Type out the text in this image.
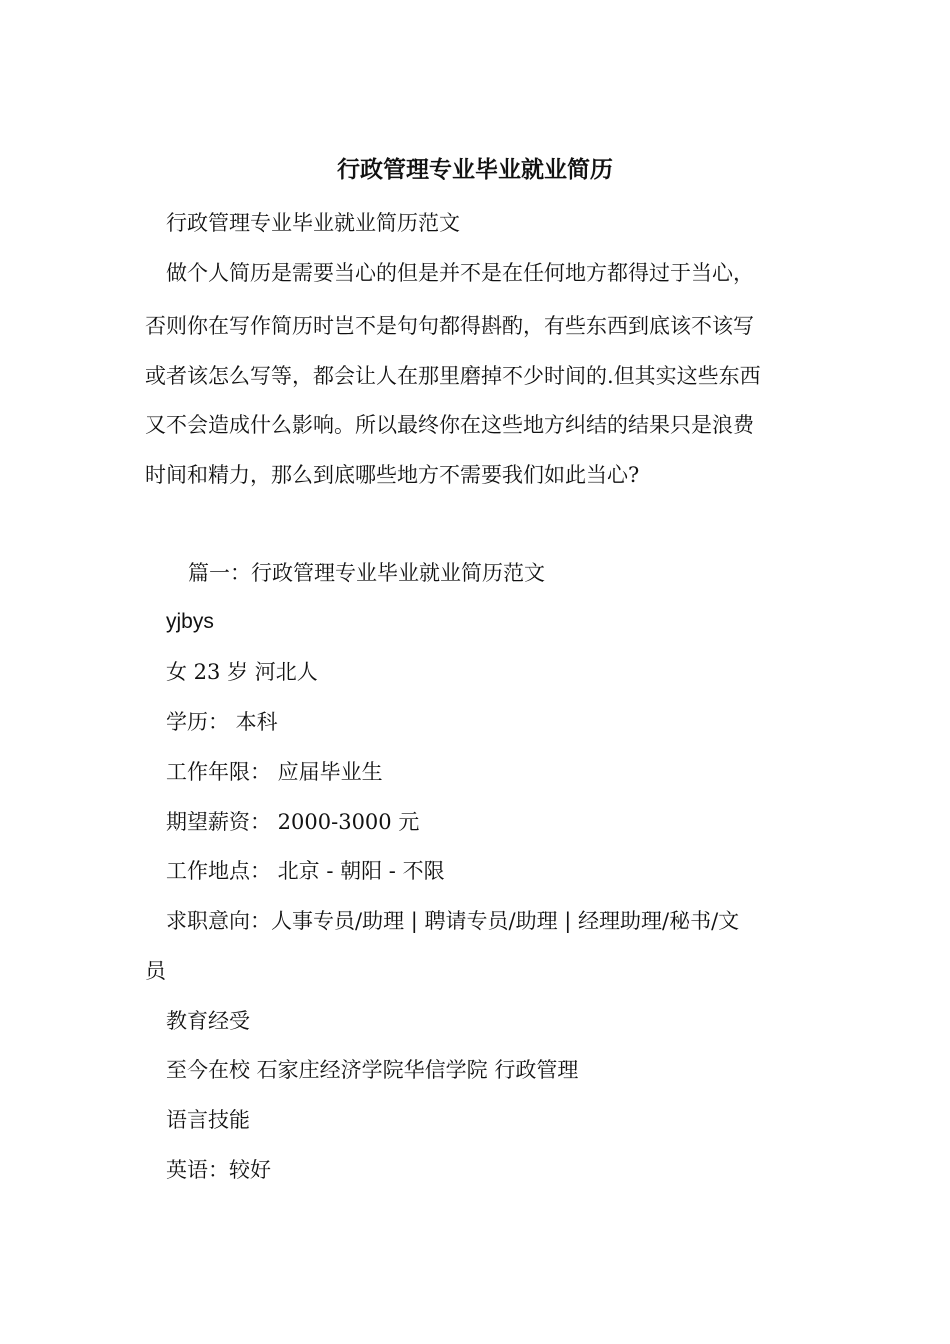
行政管理专业毕业就业简历
行政管理专业毕业就业简历范文
做个人简历是需要当心的但是并不是在任何地方都得过于当心，
否则你在写作简历时岂不是句句都得斟酌，有些东西到底该不该写
或者该怎么写等，都会让人在那里磨掉不少时间的.但其实这些东西
又不会造成什么影响。所以最终你在这些地方纠结的结果只是浪费
时间和精力，那么到底哪些地方不需要我们如此当心?
篇一：行政管理专业毕业就业简历范文
yjbys
女 23 岁 河北人
学历： 本科
工作年限： 应届毕业生
期望薪资： 2000-3000 元
工作地点： 北京 - 朝阳 - 不限
求职意向：人事专员/助理 | 聘请专员/助理 | 经理助理/秘书/文
员
教育经受
至今在校 石家庄经济学院华信学院 行政管理
语言技能
英语：较好
